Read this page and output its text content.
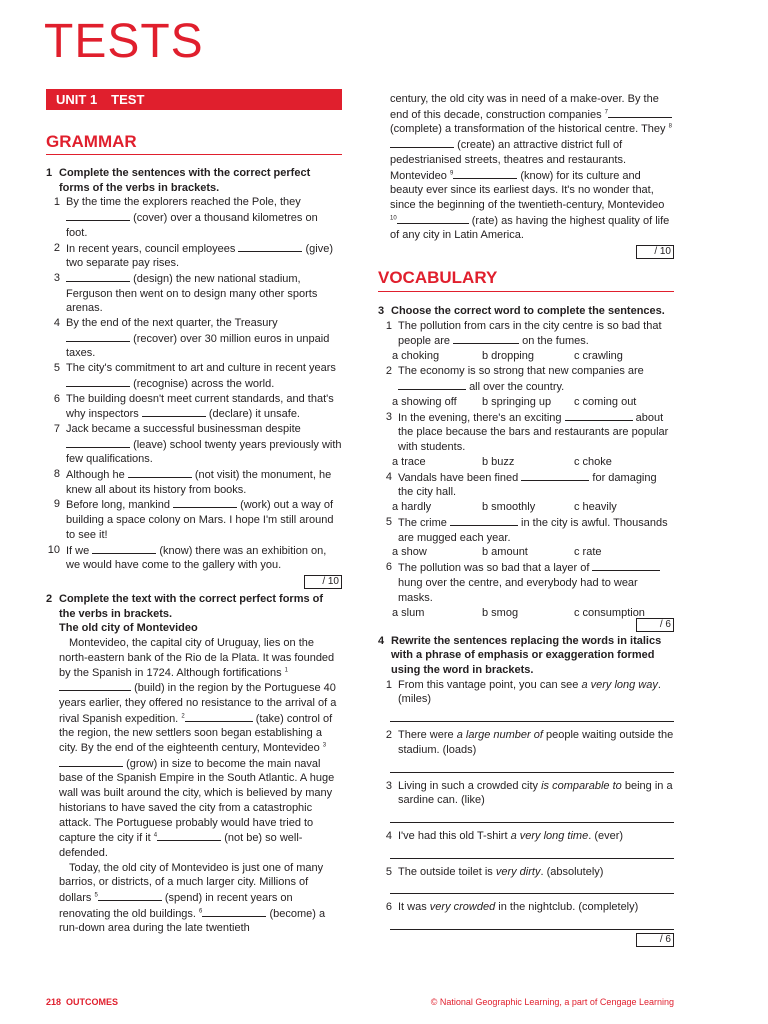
TESTS
UNIT 1 TEST
GRAMMAR
1 Complete the sentences with the correct perfect forms of the verbs in brackets.
1 By the time the explorers reached the Pole, they  (cover) over a thousand kilometres on foot.
2 In recent years, council employees	(give) two separate pay rises.
3	(design) the new national stadium, Ferguson then went on to design many other sports arenas.
4 By the end of the next quarter, the Treasury  (recover) over 30 million euros in unpaid taxes.
5 The city's commitment to art and culture in recent years  (recognise) across the world.
6 The building doesn't meet current standards, and that's why inspectors	(declare) it unsafe.
7 Jack became a successful businessman despite  (leave) school twenty years previously with few qualifications.
8 Although he	(not visit) the monument, he knew all about its history from books.
9 Before long, mankind	(work) out a way of building a space colony on Mars. I hope I'm still around to see it!
10 If we	(know) there was an exhibition on, we would have come to the gallery with you.
/ 10
2 Complete the text with the correct perfect forms of the verbs in brackets.
The old city of Montevideo
Montevideo, the capital city of Uruguay, lies on the north-eastern bank of the Rio de la Plata. It was founded by the Spanish in 1724. Although fortifications $^1$ (build) in the region by the Portuguese 40 years earlier, they offered no resistance to the arrival of a rival Spanish expedition. $^2$	(take) control of the region, the new settlers soon began establishing a city. By the end of the eighteenth century, Montevideo $^3$ (grow) in size to become the main naval base of the Spanish Empire in the South Atlantic. A huge wall was built around the city, which is believed by many historians to have saved the city from a catastrophic attack. The Portuguese probably would have tried to capture the city if it $^4$	(not be) so well-defended.
Today, the old city of Montevideo is just one of many barrios, or districts, of a much larger city. Millions of dollars $^5$	(spend) in recent years on renovating the old buildings. $^6$	(become) a run-down area during the late twentieth
century, the old city was in need of a make-over. By the end of this decade, construction companies $^7$ (complete) a transformation of the historical centre. They $^8$ (create) an attractive district full of pedestrianised streets, theatres and restaurants. Montevideo $^9$	(know) for its culture and beauty ever since its earliest days. It's no wonder that, since the beginning of the twentieth-century, Montevideo $^{10}$	(rate) as having the highest quality of life of any city in Latin America.
/ 10
VOCABULARY
3 Choose the correct word to complete the sentences.
1 The pollution from cars in the city centre is so bad that people are	on the fumes.
a choking	b dropping	c crawling
2 The economy is so strong that new companies are  all over the country.
a showing off b springing up c coming out
3 In the evening, there's an exciting	about the place because the bars and restaurants are popular with students.
a trace	b buzz	c choke
4 Vandals have been fined	for damaging the city hall.
a hardly	b smoothly	c heavily
5 The crime	in the city is awful. Thousands are mugged each year.
a show	b amount	c rate
6 The pollution was so bad that a layer of  hung over the centre, and everybody had to wear masks.
a slum	b smog	c consumption
/ 6
4 Rewrite the sentences replacing the words in italics with a phrase of emphasis or exaggeration formed using the word in brackets.
1 From this vantage point, you can see a very long way. (miles)
2 There were a large number of people waiting outside the stadium. (loads)
3 Living in such a crowded city is comparable to being in a sardine can. (like)
4 I've had this old T-shirt a very long time. (ever)
5 The outside toilet is very dirty. (absolutely)
6 It was very crowded in the nightclub. (completely)
/ 6
218 OUTCOMES	© National Geographic Learning, a part of Cengage Learning
